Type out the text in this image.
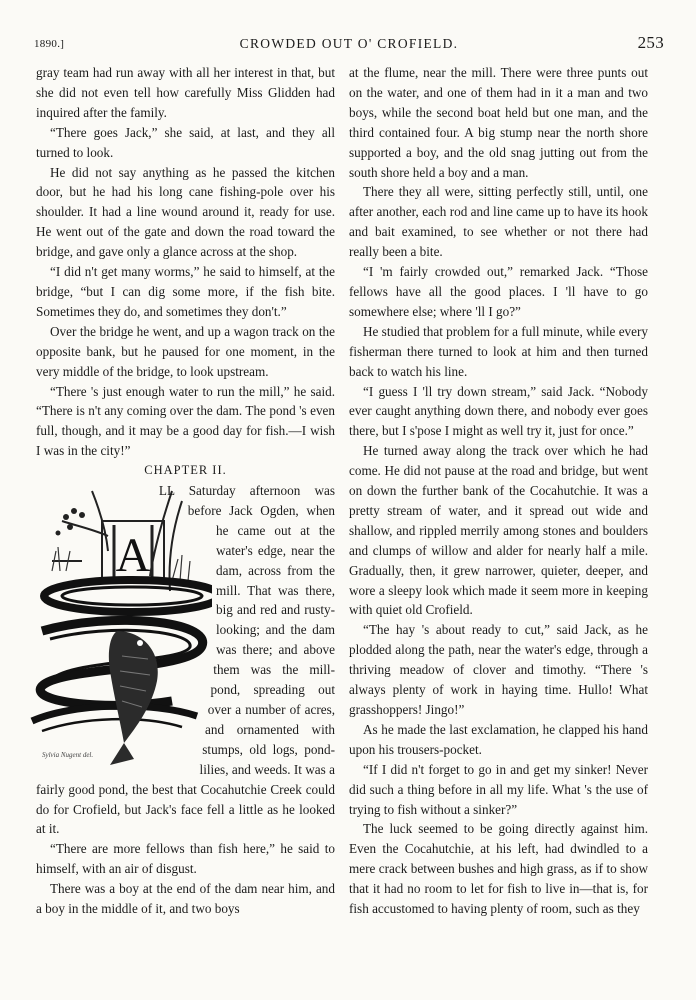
1890.]	CROWDED OUT O' CROFIELD.	253

gray team had run away with all her interest in that, but she did not even tell how carefully Miss Glidden had inquired after the family.

“There goes Jack,” she said, at last, and they all turned to look.

He did not say anything as he passed the kitchen door, but he had his long cane fishing-pole over his shoulder. It had a line wound around it, ready for use. He went out of the gate and down the road toward the bridge, and gave only a glance across at the shop.

“I did n't get many worms,” he said to himself, at the bridge, “but I can dig some more, if the fish bite. Sometimes they do, and sometimes they don't.”

Over the bridge he went, and up a wagon track on the opposite bank, but he paused for one moment, in the very middle of the bridge, to look upstream.

“There 's just enough water to run the mill,” he said. “There is n't any coming over the dam. The pond 's even full, though, and it may be a good day for fish.—I wish I was in the city!”

CHAPTER II.

A
Sylvia Nugent del.

LL Saturday afternoon was before Jack Ogden, when he came out at the water's edge, near the dam, across from the mill. That was there, big and red and rusty-looking; and the dam was there; and above them was the mill-pond, spreading out over a number of acres, and ornamented with stumps, old logs, pond-lilies, and weeds. It was a fairly good pond, the best that Cocahutchie Creek could do for Crofield, but Jack's face fell a little as he looked at it.

“There are more fellows than fish here,” he said to himself, with an air of disgust.

There was a boy at the end of the dam near him, and a boy in the middle of it, and two boys

at the flume, near the mill. There were three punts out on the water, and one of them had in it a man and two boys, while the second boat held but one man, and the third contained four. A big stump near the north shore supported a boy, and the old snag jutting out from the south shore held a boy and a man.

There they all were, sitting perfectly still, until, one after another, each rod and line came up to have its hook and bait examined, to see whether or not there had really been a bite.

“I 'm fairly crowded out,” remarked Jack. “Those fellows have all the good places. I 'll have to go somewhere else; where 'll I go?”

He studied that problem for a full minute, while every fisherman there turned to look at him and then turned back to watch his line.

“I guess I 'll try down stream,” said Jack. “Nobody ever caught anything down there, and nobody ever goes there, but I s'pose I might as well try it, just for once.”

He turned away along the track over which he had come. He did not pause at the road and bridge, but went on down the further bank of the Cocahutchie. It was a pretty stream of water, and it spread out wide and shallow, and rippled merrily among stones and boulders and clumps of willow and alder for nearly half a mile. Gradually, then, it grew narrower, quieter, deeper, and wore a sleepy look which made it seem more in keeping with quiet old Crofield.

“The hay 's about ready to cut,” said Jack, as he plodded along the path, near the water's edge, through a thriving meadow of clover and timothy. “There 's always plenty of work in haying time. Hullo! What grasshoppers! Jingo!”

As he made the last exclamation, he clapped his hand upon his trousers-pocket.

“If I did n't forget to go in and get my sinker! Never did such a thing before in all my life. What 's the use of trying to fish without a sinker?”

The luck seemed to be going directly against him. Even the Cocahutchie, at his left, had dwindled to a mere crack between bushes and high grass, as if to show that it had no room to let for fish to live in—that is, for fish accustomed to having plenty of room, such as they
